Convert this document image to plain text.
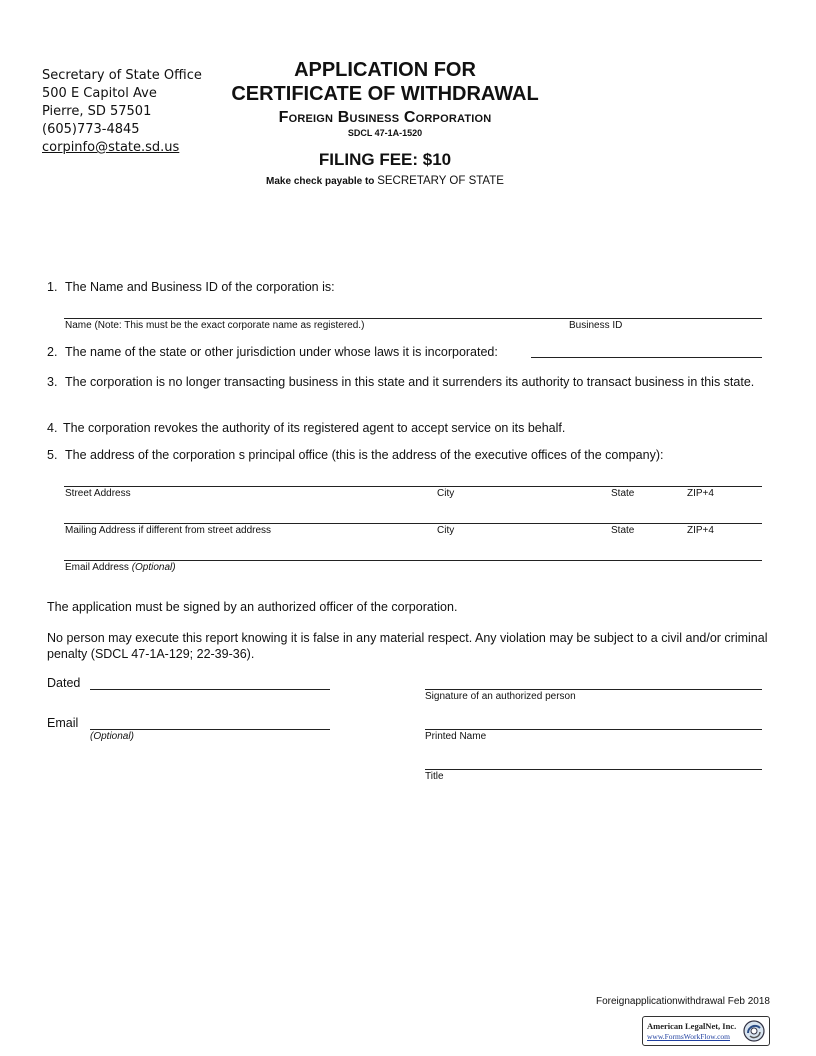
Secretary of State Office
500 E Capitol Ave
Pierre, SD 57501
(605)773-4845
corpinfo@state.sd.us
APPLICATION FOR
CERTIFICATE OF WITHDRAWAL
Foreign Business Corporation
SDCL 47-1A-1520
FILING FEE: $10
Make check payable to SECRETARY OF STATE
1. The Name and Business ID of the corporation is:
Name (Note: This must be the exact corporate name as registered.)	Business ID
2. The name of the state or other jurisdiction under whose laws it is incorporated:
3. The corporation is no longer transacting business in this state and it surrenders its authority to transact business in this state.
4. The corporation revokes the authority of its registered agent to accept service on its behalf.
5. The address of the corporation s principal office (this is the address of the executive offices of the company):
Street Address	City	State	ZIP+4
Mailing Address if different from street address	City	State	ZIP+4
Email Address (Optional)
The application must be signed by an authorized officer of the corporation.
No person may execute this report knowing it is false in any material respect. Any violation may be subject to a civil and/or criminal penalty (SDCL 47-1A-129; 22-39-36).
Dated
Signature of an authorized person
Email
(Optional)	Printed Name
Title
Foreignapplicationwithdrawal Feb 2018
American LegalNet, Inc.
www.FormsWorkFlow.com
